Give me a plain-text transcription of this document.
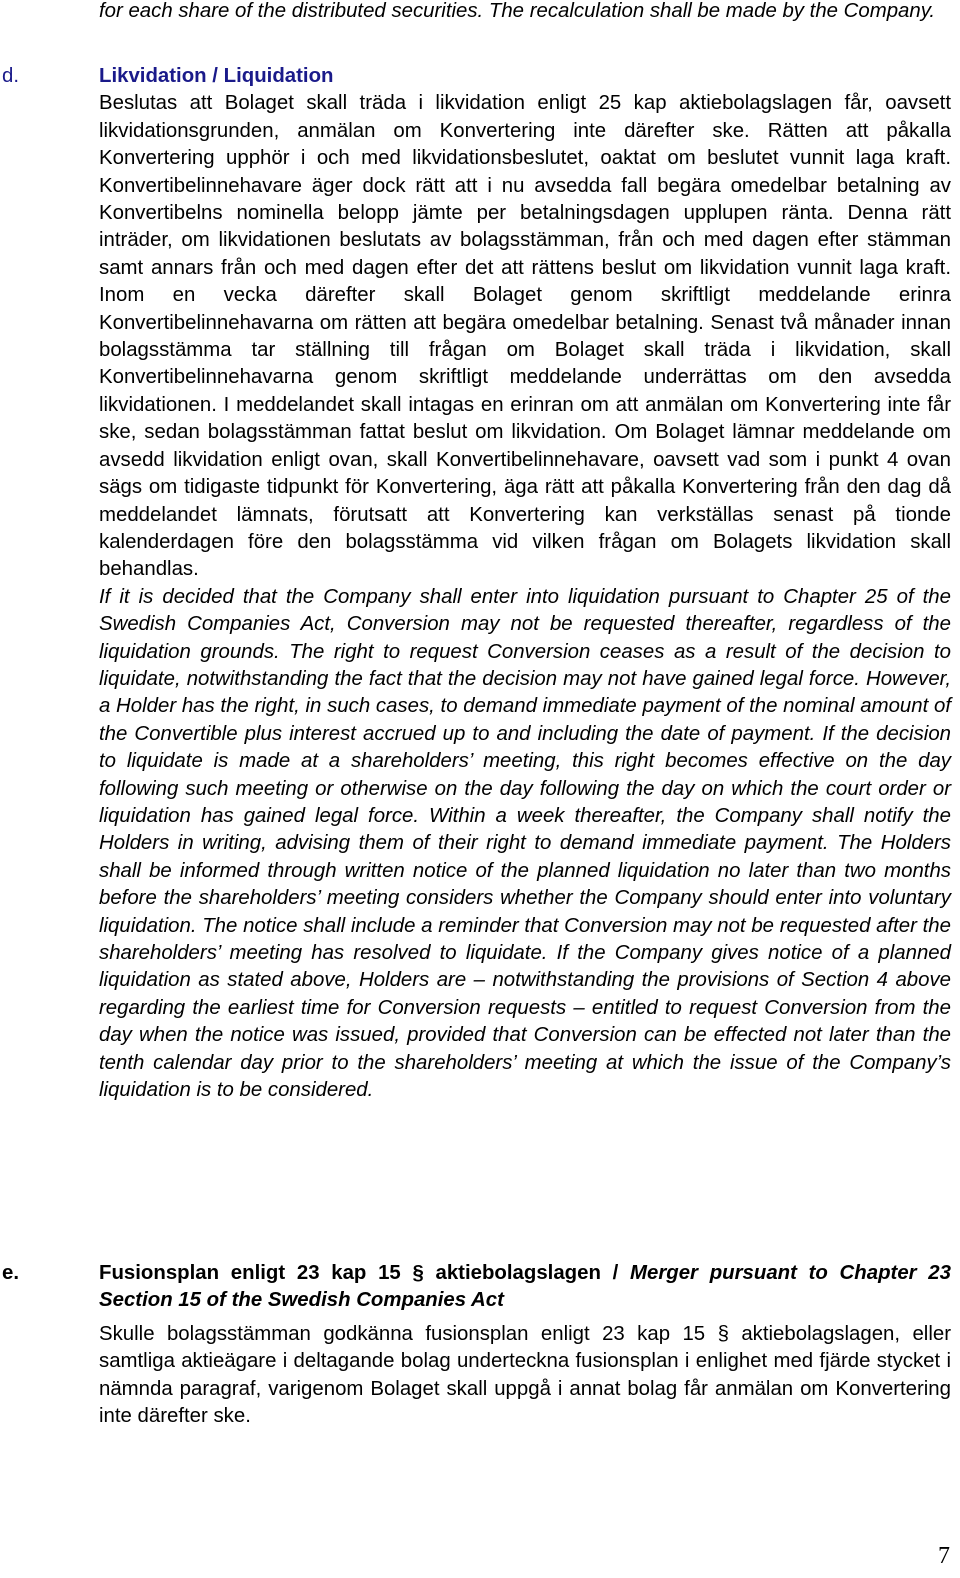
for each share of the distributed securities. The recalculation shall be made by the Company.

d.	Likvidation / Liquidation

Beslutas att Bolaget skall träda i likvidation enligt 25 kap aktiebolagslagen får, oavsett likvidationsgrunden, anmälan om Konvertering inte därefter ske. Rätten att påkalla Konvertering upphör i och med likvidationsbeslutet, oaktat om beslutet vunnit laga kraft. Konvertibelinnehavare äger dock rätt att i nu avsedda fall begära omedelbar betalning av Konvertibelns nominella belopp jämte per betalningsdagen upplupen ränta. Denna rätt inträder, om likvidationen beslutats av bolagsstämman, från och med dagen efter stämman samt annars från och med dagen efter det att rättens beslut om likvidation vunnit laga kraft. Inom en vecka därefter skall Bolaget genom skriftligt meddelande erinra Konvertibelinnehavarna om rätten att begära omedelbar betalning. Senast två månader innan bolagsstämma tar ställning till frågan om Bolaget skall träda i likvidation, skall Konvertibelinnehavarna genom skriftligt meddelande underrättas om den avsedda likvidationen. I meddelandet skall intagas en erinran om att anmälan om Konvertering inte får ske, sedan bolagsstämman fattat beslut om likvidation. Om Bolaget lämnar meddelande om avsedd likvidation enligt ovan, skall Konvertibelinnehavare, oavsett vad som i punkt 4 ovan sägs om tidigaste tidpunkt för Konvertering, äga rätt att påkalla Konvertering från den dag då meddelandet lämnats, förutsatt att Konvertering kan verkställas senast på tionde kalenderdagen före den bolagsstämma vid vilken frågan om Bolagets likvidation skall behandlas.

If it is decided that the Company shall enter into liquidation pursuant to Chapter 25 of the Swedish Companies Act, Conversion may not be requested thereafter, regardless of the liquidation grounds. The right to request Conversion ceases as a result of the decision to liquidate, notwithstanding the fact that the decision may not have gained legal force. However, a Holder has the right, in such cases, to demand immediate payment of the nominal amount of the Convertible plus interest accrued up to and including the date of payment. If the decision to liquidate is made at a shareholders’ meeting, this right becomes effective on the day following such meeting or otherwise on the day following the day on which the court order or liquidation has gained legal force. Within a week thereafter, the Company shall notify the Holders in writing, advising them of their right to demand immediate payment. The Holders shall be informed through written notice of the planned liquidation no later than two months before the shareholders’ meeting considers whether the Company should enter into voluntary liquidation. The notice shall include a reminder that Conversion may not be requested after the shareholders’ meeting has resolved to liquidate. If the Company gives notice of a planned liquidation as stated above, Holders are – notwithstanding the provisions of Section 4 above regarding the earliest time for Conversion requests – entitled to request Conversion from the day when the notice was issued, provided that Conversion can be effected not later than the tenth calendar day prior to the shareholders’ meeting at which the issue of the Company’s liquidation is to be considered.

e.	Fusionsplan enligt 23 kap 15 § aktiebolagslagen / Merger pursuant to Chapter 23 Section 15 of the Swedish Companies Act

Skulle bolagsstämman godkänna fusionsplan enligt 23 kap 15 § aktiebolagslagen, eller samtliga aktieägare i deltagande bolag underteckna fusionsplan i enlighet med fjärde stycket i nämnda paragraf, varigenom Bolaget skall uppgå i annat bolag får anmälan om Konvertering inte därefter ske.

7
